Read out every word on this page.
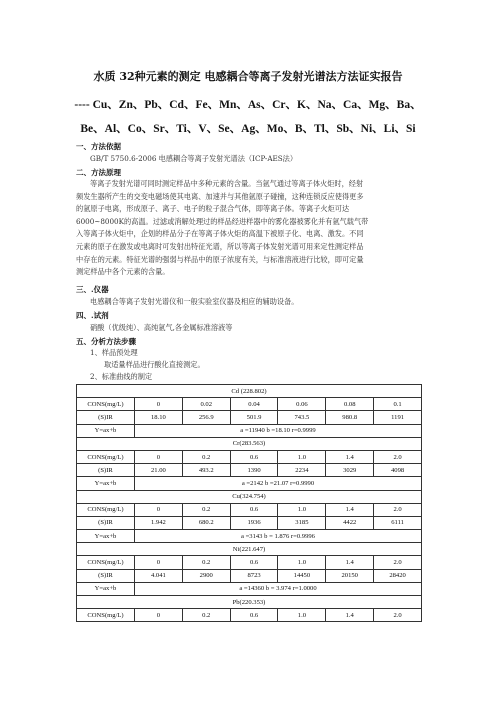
水质 32种元素的测定 电感耦合等离子发射光谱法方法证实报告
---- Cu、Zn、Pb、Cd、Fe、Mn、As、Cr、K、Na、Ca、Mg、Ba、
Be、Al、Co、Sr、Ti、V、Se、Ag、Mo、B、Tl、Sb、Ni、Li、Si
一、方法依据
GB/T 5750.6-2006 电感耦合等离子发射光谱法（ICP-AES法）
二、方法原理
等离子发射光谱可同时测定样品中多种元素的含量。当氩气通过等离子体火炬时，经射
频发生器所产生的交变电磁场使其电离、加速并与其他氩原子碰撞，这种连锁反应使得更多
的氩原子电离，形成原子、离子、电子的粒子混合气体，即等离子体。等离子火炬可达
6000~8000K的高温。过滤或消解处理过的样品经进样器中的雾化器被雾化并有氩气载气带
入等离子体火炬中，企划的样品分子在等离子体火炬的高温下被原子化、电离、激发。不同
元素的原子在激发或电离时可发射出特征光谱，所以等离子体发射光谱可用来定性测定样品
中存在的元素。特征光谱的强弱与样品中的原子浓度有关，与标准溶液进行比较，即可定量
测定样品中各个元素的含量。
三、.仪器
电感耦合等离子发射光谱仪和一般实验室仪器及相应的辅助设备。
四、.试剂
硝酸（优级纯）、高纯氩气,各金属标准溶液等
五、分析方法步骤
1、样品预处理
取适量样品进行酸化直接测定。
2、标准曲线的制定
Cd (228.802)						
CONS(mg/L)	0	0.02	0.04	0.06	0.08	0.1
(S)IR	18.10	256.9	501.9	743.5	980.8	1191
Y=ax+b	a =11940 b =18.10 r=0.9999					
Cr(283.563)						
CONS(mg/L)	0	0.2	0.6	1.0	1.4	2.0
(S)IR	21.00	493.2	1390	2234	3029	4098
Y=ax+b	a =2142 b =21.07 r=0.9990					
Cu(324.754)						
CONS(mg/L)	0	0.2	0.6	1.0	1.4	2.0
(S)IR	1.942	680.2	1936	3185	4422	6111
Y=ax+b	a =3143 b = 1.876 r=0.9996					
Ni(221.647)						
CONS(mg/L)	0	0.2	0.6	1.0	1.4	2.0
(S)IR	4.041	2900	8723	14450	20150	28420
Y=ax+b	a =14360 b = 3.974 r=1.0000					
Pb(220.353)						
CONS(mg/L)	0	0.2	0.6	1.0	1.4	2.0
